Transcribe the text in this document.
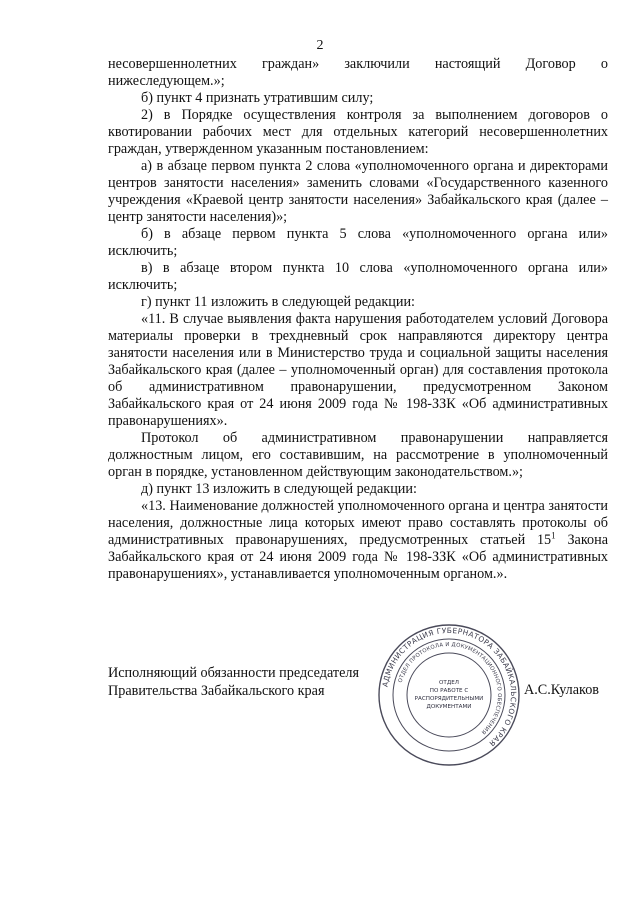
2

несовершеннолетних граждан» заключили настоящий Договор о нижеследующем.»;

б) пункт 4 признать утратившим силу;

2) в Порядке осуществления контроля за выполнением договоров о квотировании рабочих мест для отдельных категорий несовершеннолетних граждан, утвержденном указанным постановлением:

а) в абзаце первом пункта 2 слова «уполномоченного органа и директорами центров занятости населения» заменить словами «Государственного казенного учреждения «Краевой центр занятости населения» Забайкальского края (далее – центр занятости населения)»;

б) в абзаце первом пункта 5 слова «уполномоченного органа или» исключить;

в) в абзаце втором пункта 10 слова «уполномоченного органа или» исключить;

г) пункт 11 изложить в следующей редакции:

«11. В случае выявления факта нарушения работодателем условий Договора материалы проверки в трехдневный срок направляются директору центра занятости населения или в Министерство труда и социальной защиты населения Забайкальского края (далее – уполномоченный орган) для составления протокола об административном правонарушении, предусмотренном Законом Забайкальского края от 24 июня 2009 года № 198-ЗЗК «Об административных правонарушениях».

Протокол об административном правонарушении направляется должностным лицом, его составившим, на рассмотрение в уполномоченный орган в порядке, установленном действующим законодательством.»;

д) пункт 13 изложить в следующей редакции:

«13. Наименование должностей уполномоченного органа и центра занятости населения, должностные лица которых имеют право составлять протоколы об административных правонарушениях, предусмотренных статьей $15^1$ Закона Забайкальского края от 24 июня 2009 года № 198-ЗЗК «Об административных правонарушениях», устанавливается уполномоченным органом.».

Исполняющий обязанности председателя
Правительства Забайкальского края	А.С.Кулаков
АДМИНИСТРАЦИЯ ГУБЕРНАТОРА ЗАБАЙКАЛЬСКОГО КРАЯ
ОТДЕЛ ПРОТОКОЛА И ДОКУМЕНТАЦИОННОГО ОБЕСПЕЧЕНИЯ
ОТДЕЛ
ПО РАБОТЕ С
РАСПОРЯДИТЕЛЬНЫМИ
ДОКУМЕНТАМИ
